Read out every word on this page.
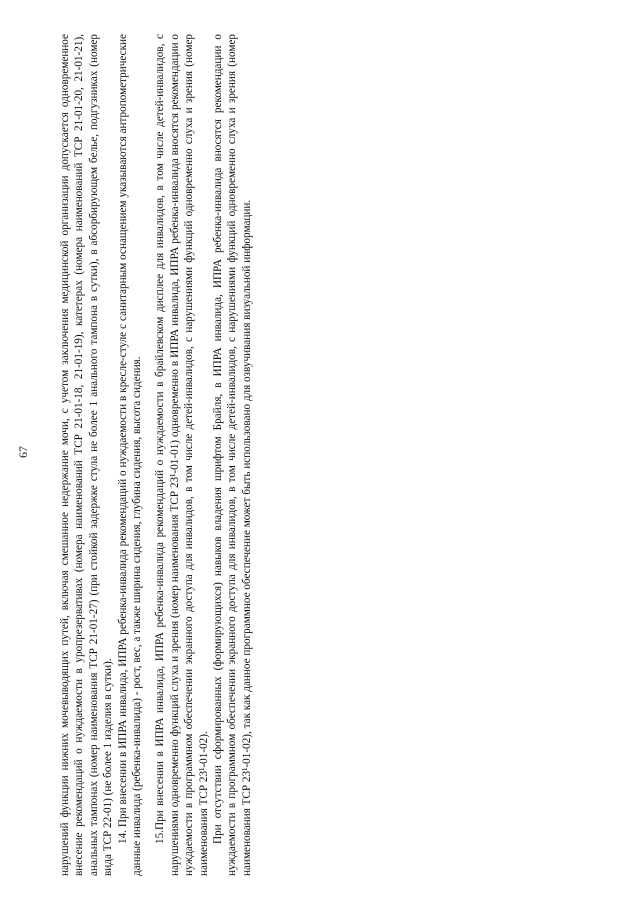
67	нарушений функции нижних мочевыводящих путей, включая смешанное недержание мочи, с учетом заключения медицинской организации допускается одновременное внесение рекомендаций о нуждаемости в уропрезервативах (номера наименований ТСР 21-01-18, 21-01-19), катетерах (номера наименований ТСР 21-01-20, 21-01-21), анальных тампонах (номер наименования ТСР 21-01-27) (при стойкой задержке стула не более 1 анального тампона в сутки), в абсорбирующем белье, подгузниках (номер вида ТСР 22-01) (не более 1 изделия в сутки). 14. При внесении в ИПРА инвалида, ИПРА ребенка-инвалида рекомендаций о нуждаемости в кресле-стуле с санитарным оснащением указываются антропометрические данные инвалида (ребенка-инвалида) - рост, вес, а также ширина сидения, глубина сидения, высота сидения. 15.При внесении в ИПРА инвалида, ИПРА ребенка-инвалида рекомендаций о нуждаемости в брайлевском дисплее для инвалидов, в том числе детей-инвалидов, с нарушениями одновременно функций слуха и зрения (номер наименования ТСР 23¹-01-01) одновременно в ИПРА инвалида, ИПРА ребенка-инвалида вносятся рекомендации о нуждаемости в программном обеспечении экранного доступа для инвалидов, в том числе детей-инвалидов, с нарушениями функций одновременно слуха и зрения (номер наименования ТСР 23¹-01-02). При отсутствии сформированных (формирующихся) навыков владения шрифтом Брайля, в ИПРА инвалида, ИПРА ребенка-инвалида вносятся рекомендации о нуждаемости в программном обеспечении экранного доступа для инвалидов, в том числе детей-инвалидов, с нарушениями функций одновременно слуха и зрения (номер наименования ТСР 23¹-01-02), так как данное программное обеспечение может быть использовано для озвучивания визуальной информации.
